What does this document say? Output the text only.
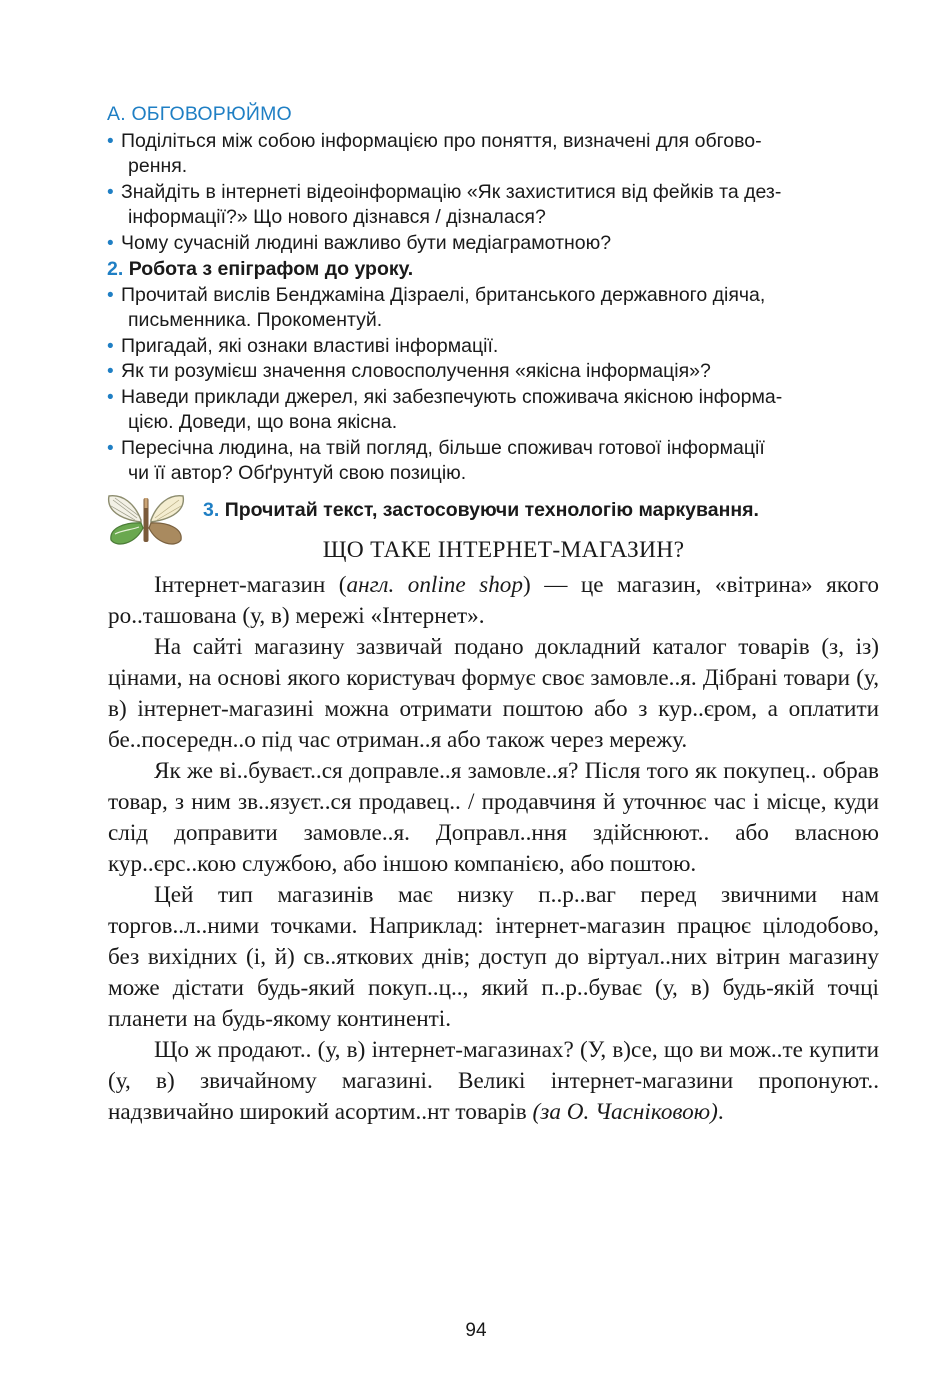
А. ОБГОВОРЮЙМО

• Поділіться між собою інформацією про поняття, визначені для обгово-
рення.
• Знайдіть в інтернеті відеоінформацію «Як захиститися від фейків та дез-
інформації?» Що нового дізнався / дізналася?
• Чому сучасній людині важливо бути медіаграмотною?

2. Робота з епіграфом до уроку.

• Прочитай вислів Бенджаміна Дізраелі, британського державного діяча,
письменника. Прокоментуй.
• Пригадай, які ознаки властиві інформації.
• Як ти розумієш значення словосполучення «якісна інформація»?
• Наведи приклади джерел, які забезпечують споживача якісною інформа-
цією. Доведи, що вона якісна.
• Пересічна людина, на твій погляд, більше споживач готової інформації
чи її автор? Обґрунтуй свою позицію.
3. Прочитай текст, застосовуючи технологію маркування.

ЩО ТАКЕ ІНТЕРНЕТ-МАГАЗИН?

Інтернет-магазин (англ. online shop) — це магазин, «вітрина» якого ро..ташована (у, в) мережі «Інтернет».

На сайті магазину зазвичай подано докладний каталог товарів (з, із) цінами, на основі якого користувач формує своє замовле..я. Дібрані товари (у, в) інтернет-магазині можна отримати поштою або з кур..єром, а оплатити бе..посередн..о під час отриман..я або також через мережу.

Як же ві..буваєт..ся доправле..я замовле..я? Після того як покупец.. обрав товар, з ним зв..язуєт..ся продавец.. / продавчиня й уточнює час і місце, куди слід доправити замовле..я. Доправл..ння здійснюют.. або власною кур..єрс..кою службою, або іншою компанією, або поштою.

Цей тип магазинів має низку п..р..ваг перед звичними нам торгов..л..ними точками. Наприклад: інтернет-магазин працює цілодобово, без вихідних (і, й) св..яткових днів; доступ до віртуал..них вітрин магазину може дістати будь-який покуп..ц.., який п..р..буває (у, в) будь-якій точці планети на будь-якому континенті.

Що ж продают.. (у, в) інтернет-магазинах? (У, в)се, що ви мож..те купити (у, в) звичайному магазині. Великі інтернет-магазини пропонуют.. надзвичайно широкий асортим..нт товарів (за О. Часніковою).

94
